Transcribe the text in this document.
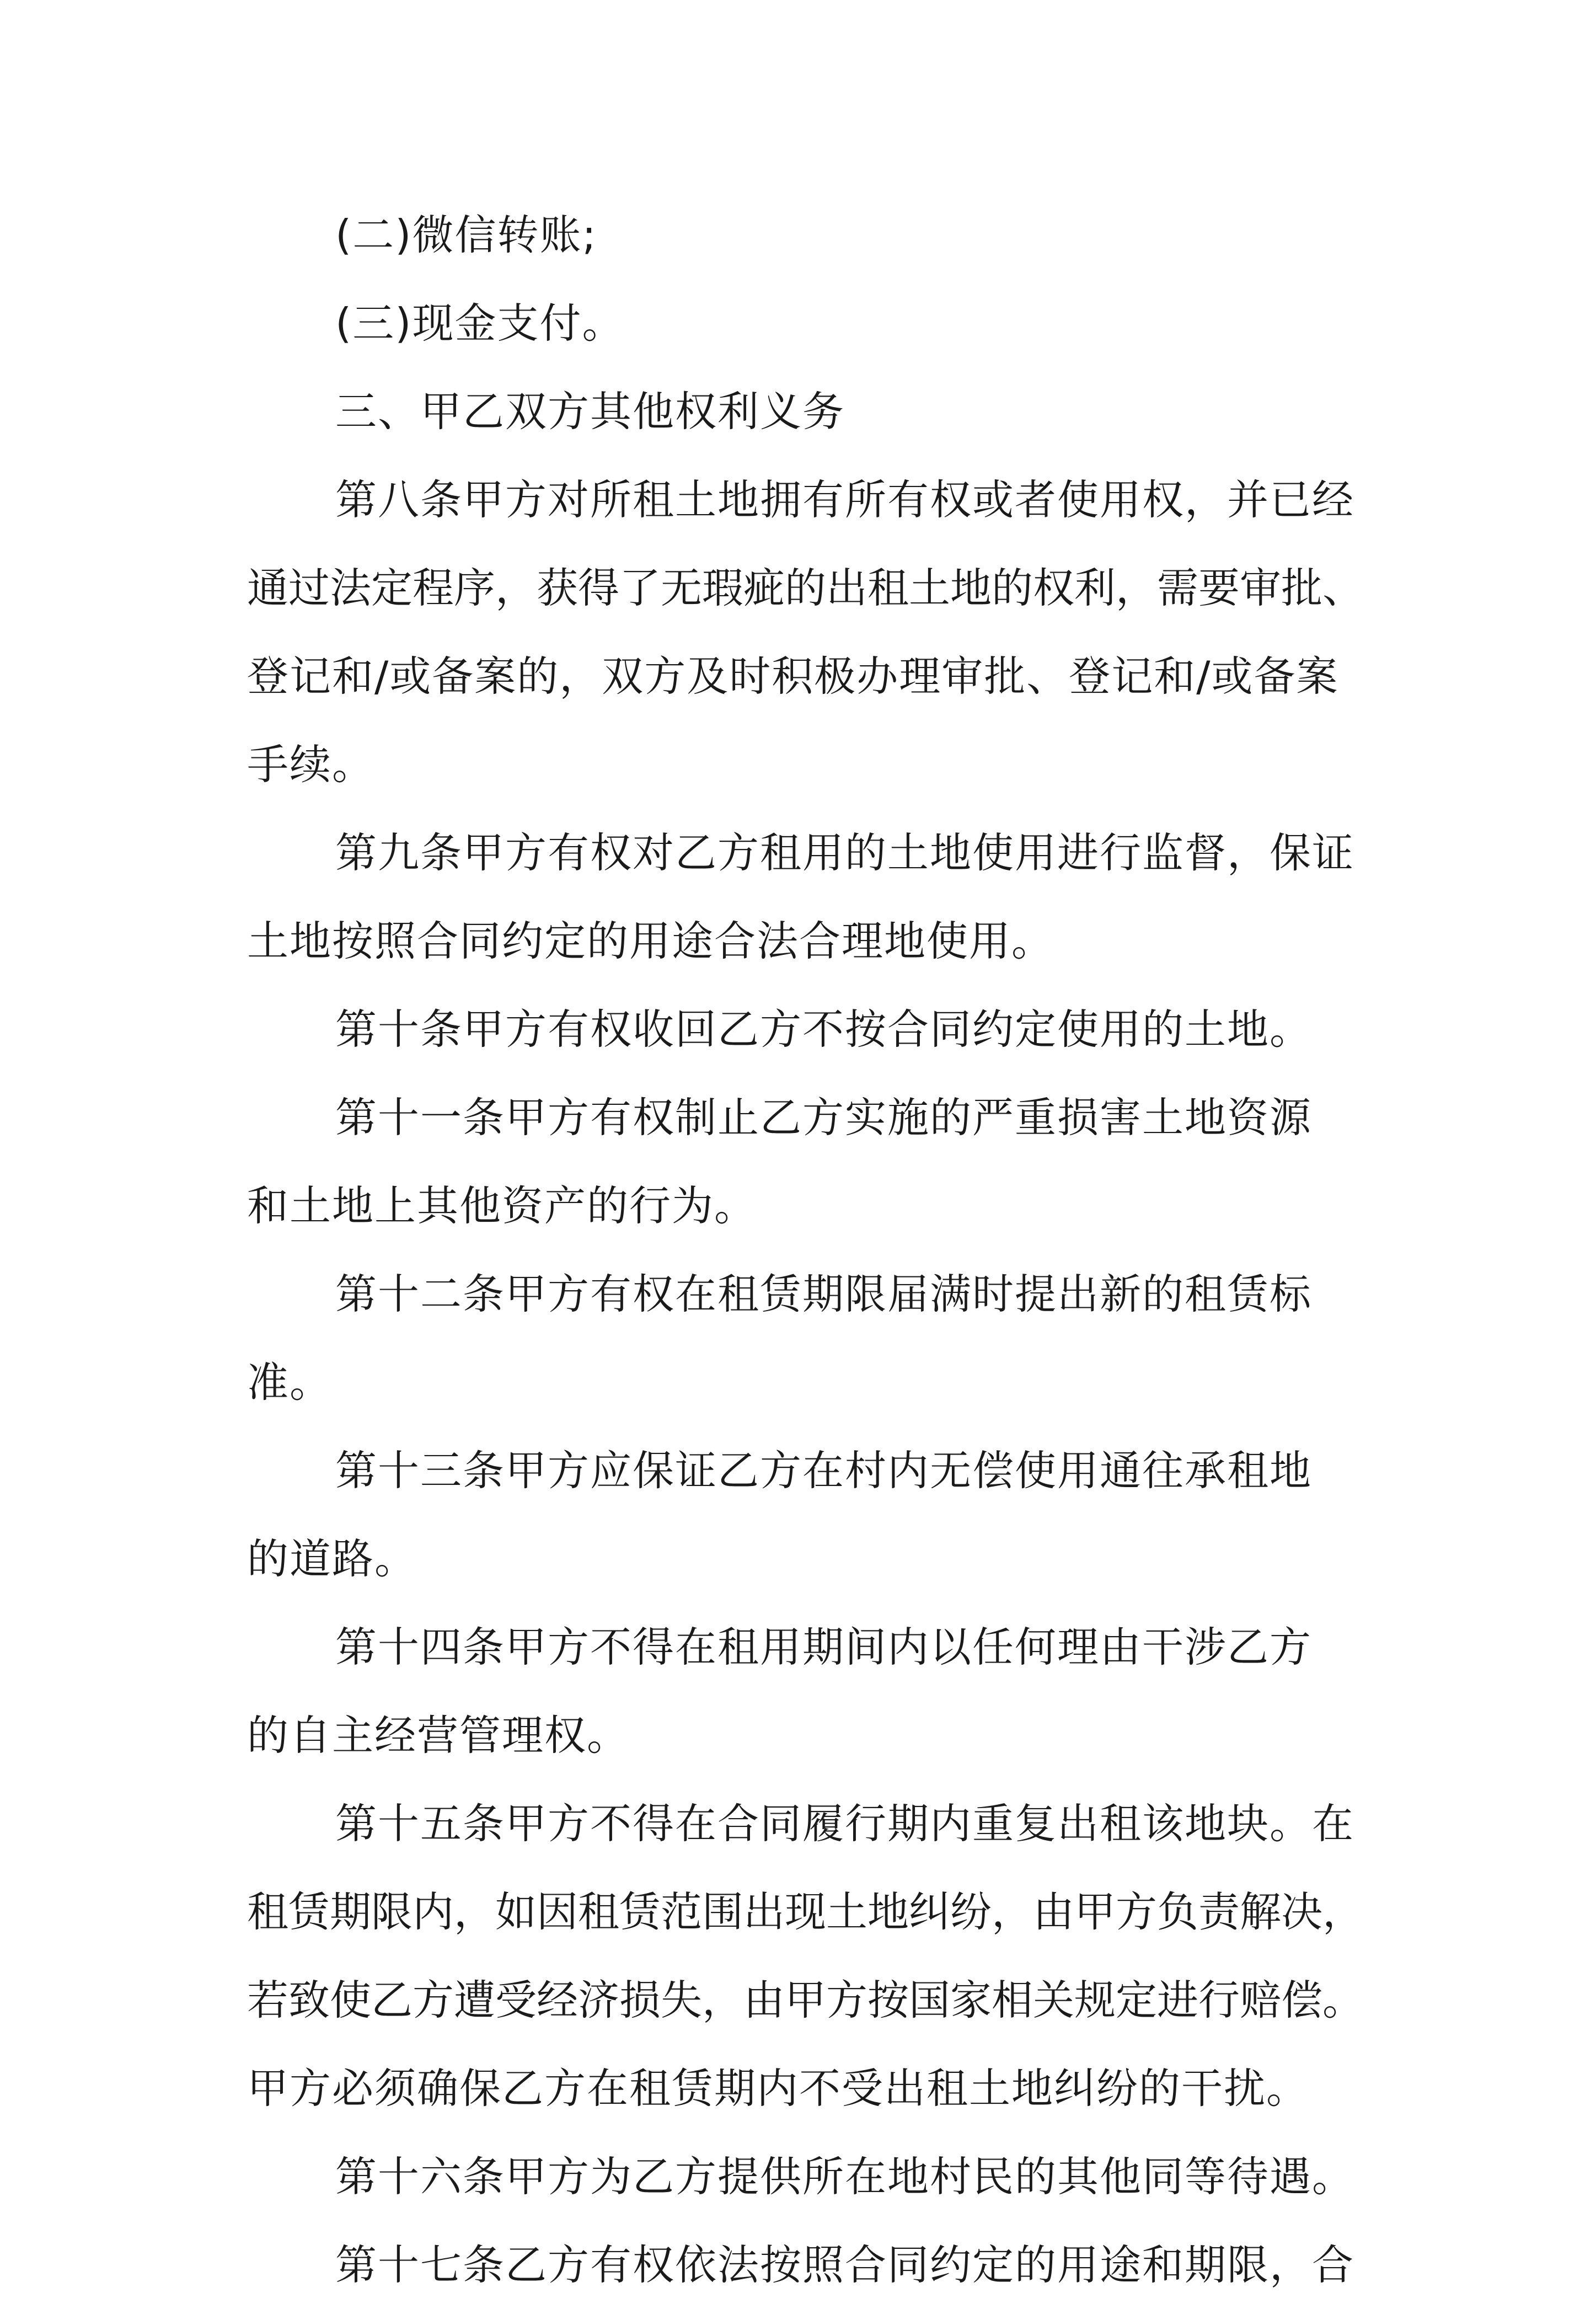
(二)微信转账;
(三)现金支付。
三、甲乙双方其他权利义务
第八条甲方对所租土地拥有所有权或者使用权，并已经
通过法定程序，获得了无瑕疵的出租土地的权利，需要审批、
登记和/或备案的，双方及时积极办理审批、登记和/或备案
手续。
第九条甲方有权对乙方租用的土地使用进行监督，保证
土地按照合同约定的用途合法合理地使用。
第十条甲方有权收回乙方不按合同约定使用的土地。
第十一条甲方有权制止乙方实施的严重损害土地资源
和土地上其他资产的行为。
第十二条甲方有权在租赁期限届满时提出新的租赁标
准。
第十三条甲方应保证乙方在村内无偿使用通往承租地
的道路。
第十四条甲方不得在租用期间内以任何理由干涉乙方
的自主经营管理权。
第十五条甲方不得在合同履行期内重复出租该地块。在
租赁期限内，如因租赁范围出现土地纠纷，由甲方负责解决，
若致使乙方遭受经济损失，由甲方按国家相关规定进行赔偿。
甲方必须确保乙方在租赁期内不受出租土地纠纷的干扰。
第十六条甲方为乙方提供所在地村民的其他同等待遇。
第十七条乙方有权依法按照合同约定的用途和期限，合
